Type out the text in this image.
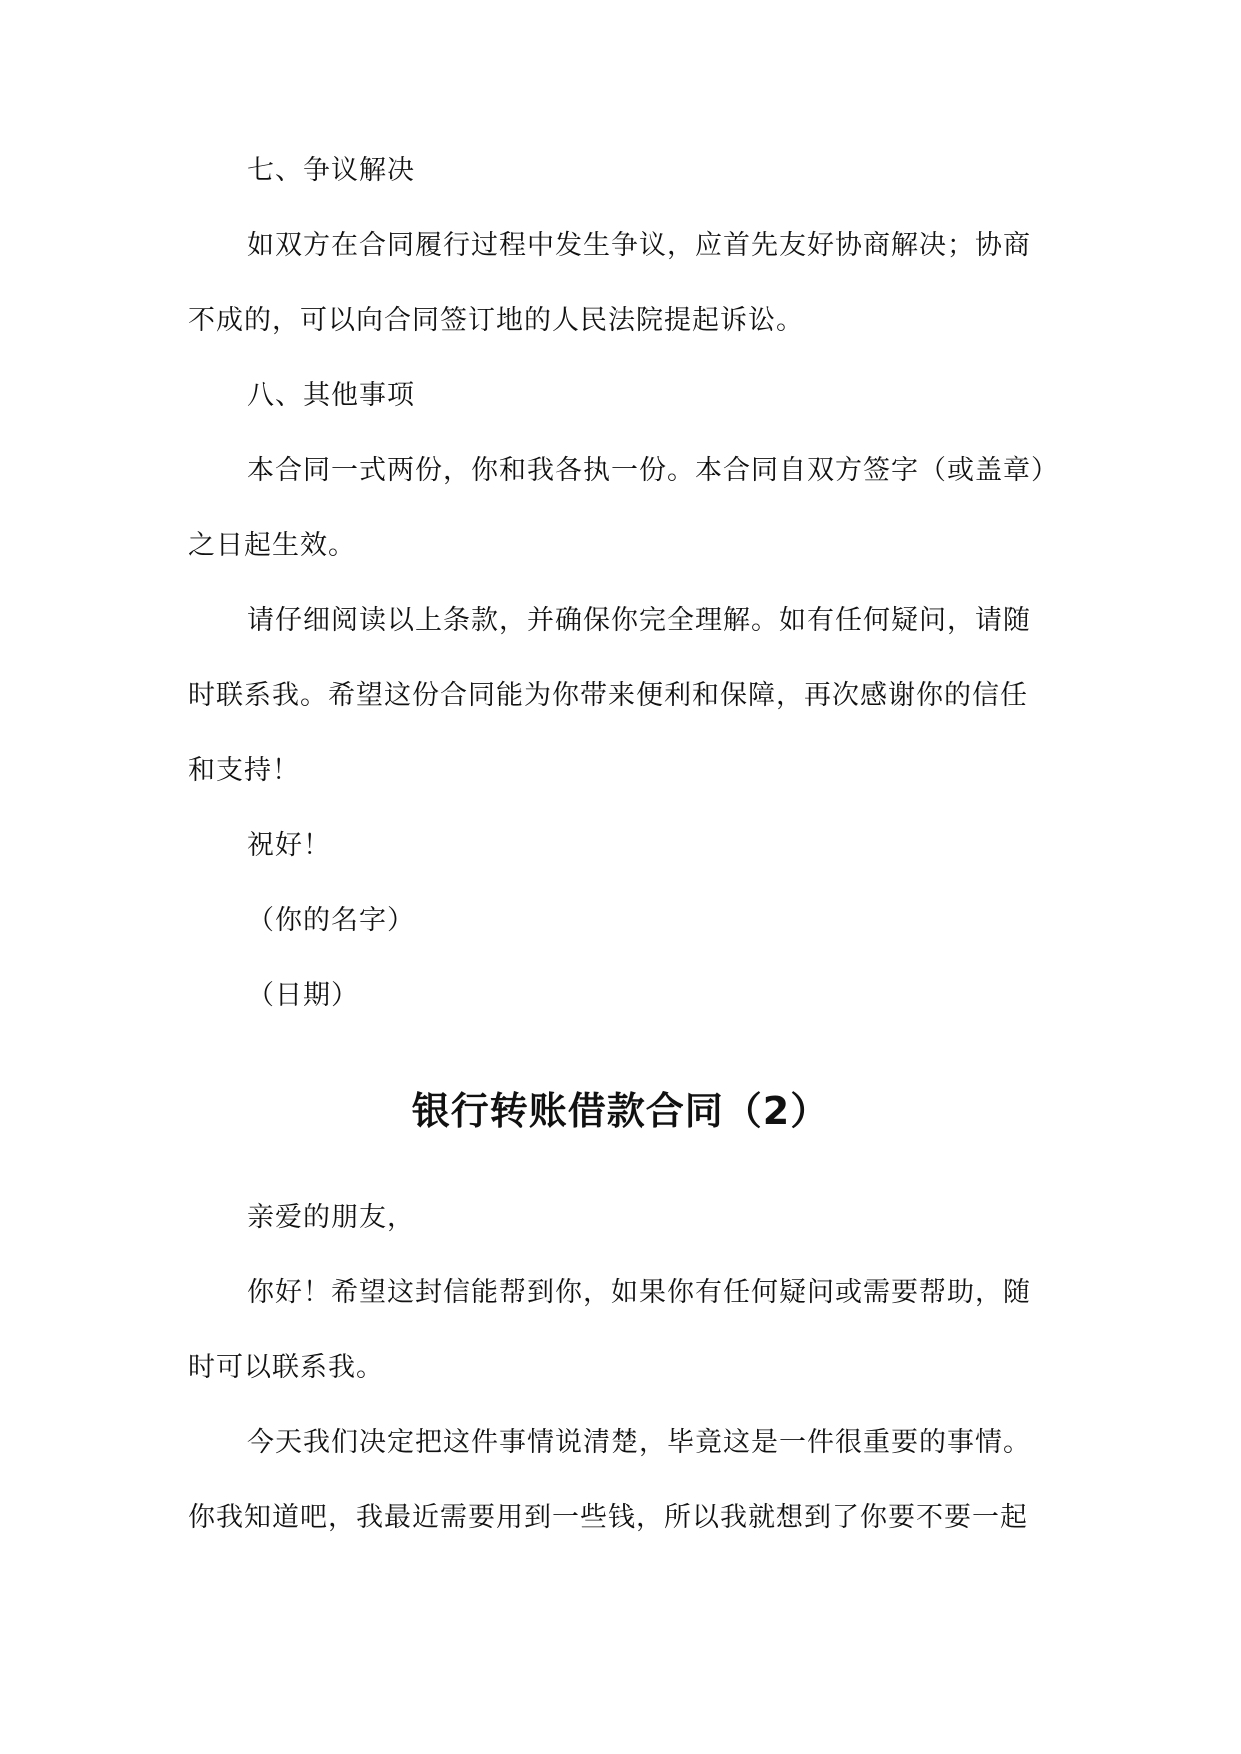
七、争议解决
如双方在合同履行过程中发生争议，应首先友好协商解决；协商
不成的，可以向合同签订地的人民法院提起诉讼。
八、其他事项
本合同一式两份，你和我各执一份。本合同自双方签字（或盖章）
之日起生效。
请仔细阅读以上条款，并确保你完全理解。如有任何疑问，请随
时联系我。希望这份合同能为你带来便利和保障，再次感谢你的信任
和支持！
祝好！
（你的名字）
（日期）
银行转账借款合同（2）
亲爱的朋友，
你好！希望这封信能帮到你，如果你有任何疑问或需要帮助，随
时可以联系我。
今天我们决定把这件事情说清楚，毕竟这是一件很重要的事情。
你我知道吧，我最近需要用到一些钱，所以我就想到了你要不要一起
